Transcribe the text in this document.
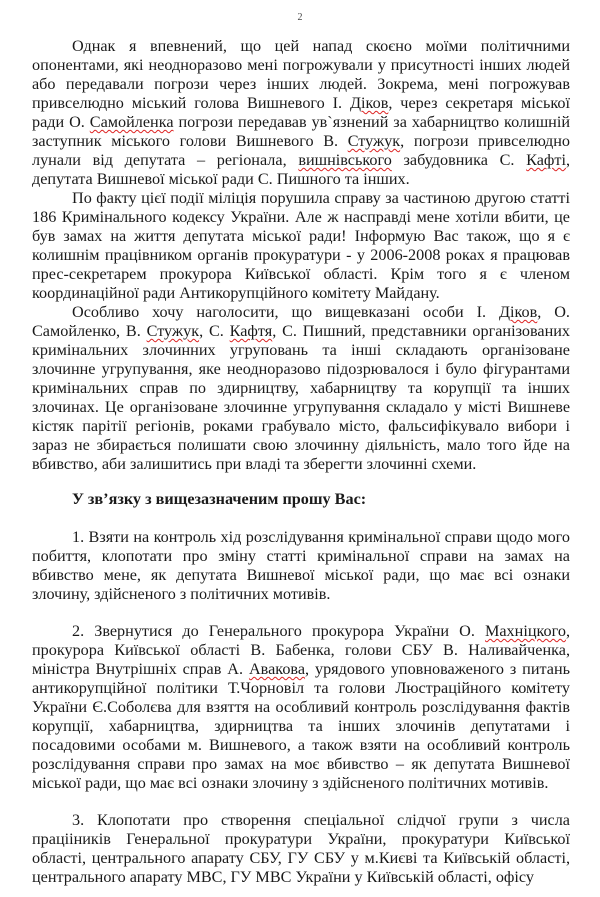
2

Однак я впевнений, що цей напад скоєно моїми політичними опонентами, які неодноразово мені погрожували у присутності інших людей або передавали погрози через інших людей. Зокрема, мені погрожував привселюдно міський голова Вишневого І. Діков, через секретаря міської ради О. Самойленка погрози передавав ув`язнений за хабарництво колишній заступник міського голови Вишневого В. Стужук, погрози привселюдно лунали від депутата – регіонала, вишнівського забудовника С. Кафті, депутата Вишневої міської ради С. Пишного та інших.

По факту цієї події міліція порушила справу за частиною другою статті 186 Кримінального кодексу України. Але ж насправді мене хотіли вбити, це був замах на життя депутата міської ради! Інформую Вас також, що я є колишнім працівником органів прокуратури - у 2006-2008 роках я працював прес-секретарем прокурора Київської області. Крім того я є членом координаційної ради Антикорупційного комітету Майдану.

Особливо хочу наголосити, що вищевказані особи І. Діков, О. Самойленко, В. Стужук, С. Кафтя, С. Пишний, представники організованих кримінальних злочинних угруповань та інші складають організоване злочинне угрупування, яке неодноразово підозрювалося і було фігурантами кримінальних справ по здирництву, хабарництву та корупції та інших злочинах. Це організоване злочинне угрупування складало у місті Вишневе кістяк парітії регіонів, роками грабувало місто, фальсифікувало вибори і зараз не збирається полишати свою злочинну діяльність, мало того йде на вбивство, аби залишитись при владі та зберегти злочинні схеми.

У зв’язку з вищезазначеним прошу Вас:

1. Взяти на контроль хід розслідування кримінальної справи щодо мого побиття, клопотати про зміну статті кримінальної справи на замах на вбивство мене, як депутата Вишневої міської ради, що має всі ознаки злочину, здійсненого з політичних мотивів.

2. Звернутися до Генерального прокурора України О. Махніцкого, прокурора Київської області В. Бабенка, голови СБУ В. Наливайченка, міністра Внутрішніх справ А. Авакова, урядового уповноваженого з питань антикорупційної політики Т.Чорновіл та голови Люстраційного комітету України Є.Соболєва для взяття на особливий контроль розслідування фактів корупції, хабарництва, здирництва та інших злочинів депутатами і посадовими особами м. Вишневого, а також взяти на особливий контроль розслідування справи про замах на моє вбивство – як депутата Вишневої міської ради, що має всі ознаки злочину з здійсненого політичних мотивів.

3. Клопотати про створення спеціальної слідчої групи з числа працііників Генеральної прокуратури України, прокуратури Київської області, центрального апарату СБУ, ГУ СБУ у м.Києві та Київській області, центрального апарату МВС, ГУ МВС України у Київській області, офісу
